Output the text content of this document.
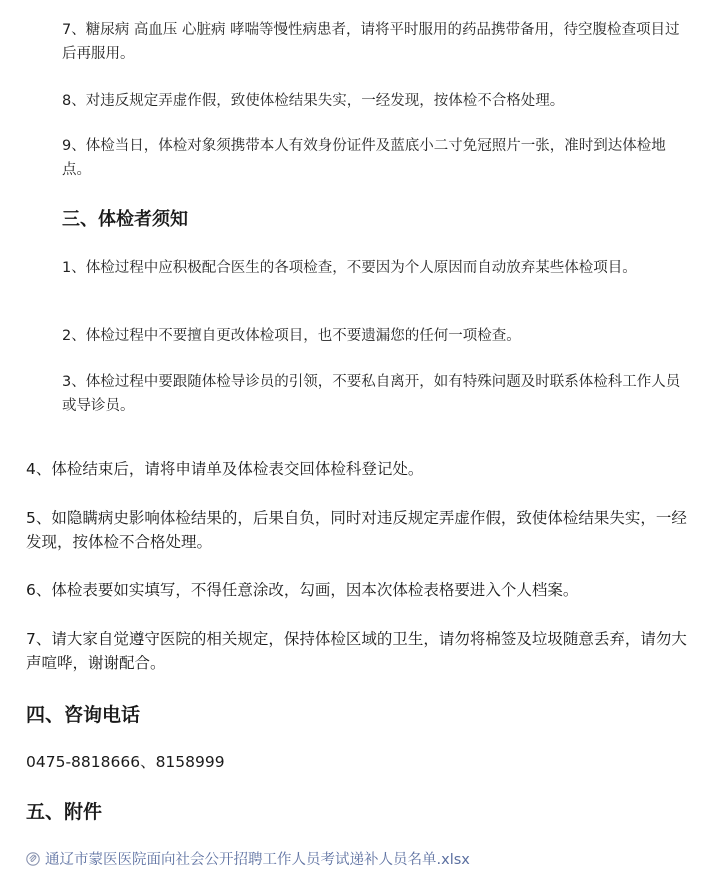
7、糖尿病 高血压 心脏病 哮喘等慢性病患者，请将平时服用的药品携带备用，待空腹检查项目过后再服用。

8、对违反规定弄虚作假，致使体检结果失实，一经发现，按体检不合格处理。

9、体检当日，体检对象须携带本人有效身份证件及蓝底小二寸免冠照片一张，准时到达体检地点。

三、体检者须知

1、体检过程中应积极配合医生的各项检查，不要因为个人原因而自动放弃某些体检项目。

2、体检过程中不要擅自更改体检项目，也不要遗漏您的任何一项检查。

3、体检过程中要跟随体检导诊员的引领，不要私自离开，如有特殊问题及时联系体检科工作人员或导诊员。

4、体检结束后，请将申请单及体检表交回体检科登记处。

5、如隐瞒病史影响体检结果的，后果自负，同时对违反规定弄虚作假，致使体检结果失实，一经发现，按体检不合格处理。

6、体检表要如实填写，不得任意涂改，勾画，因本次体检表格要进入个人档案。

7、请大家自觉遵守医院的相关规定，保持体检区域的卫生，请勿将棉签及垃圾随意丢弃，请勿大声喧哗，谢谢配合。

四、咨询电话
0475-8818666、8158999
五、附件
通辽市蒙医医院面向社会公开招聘工作人员考试递补人员名单.xlsx
